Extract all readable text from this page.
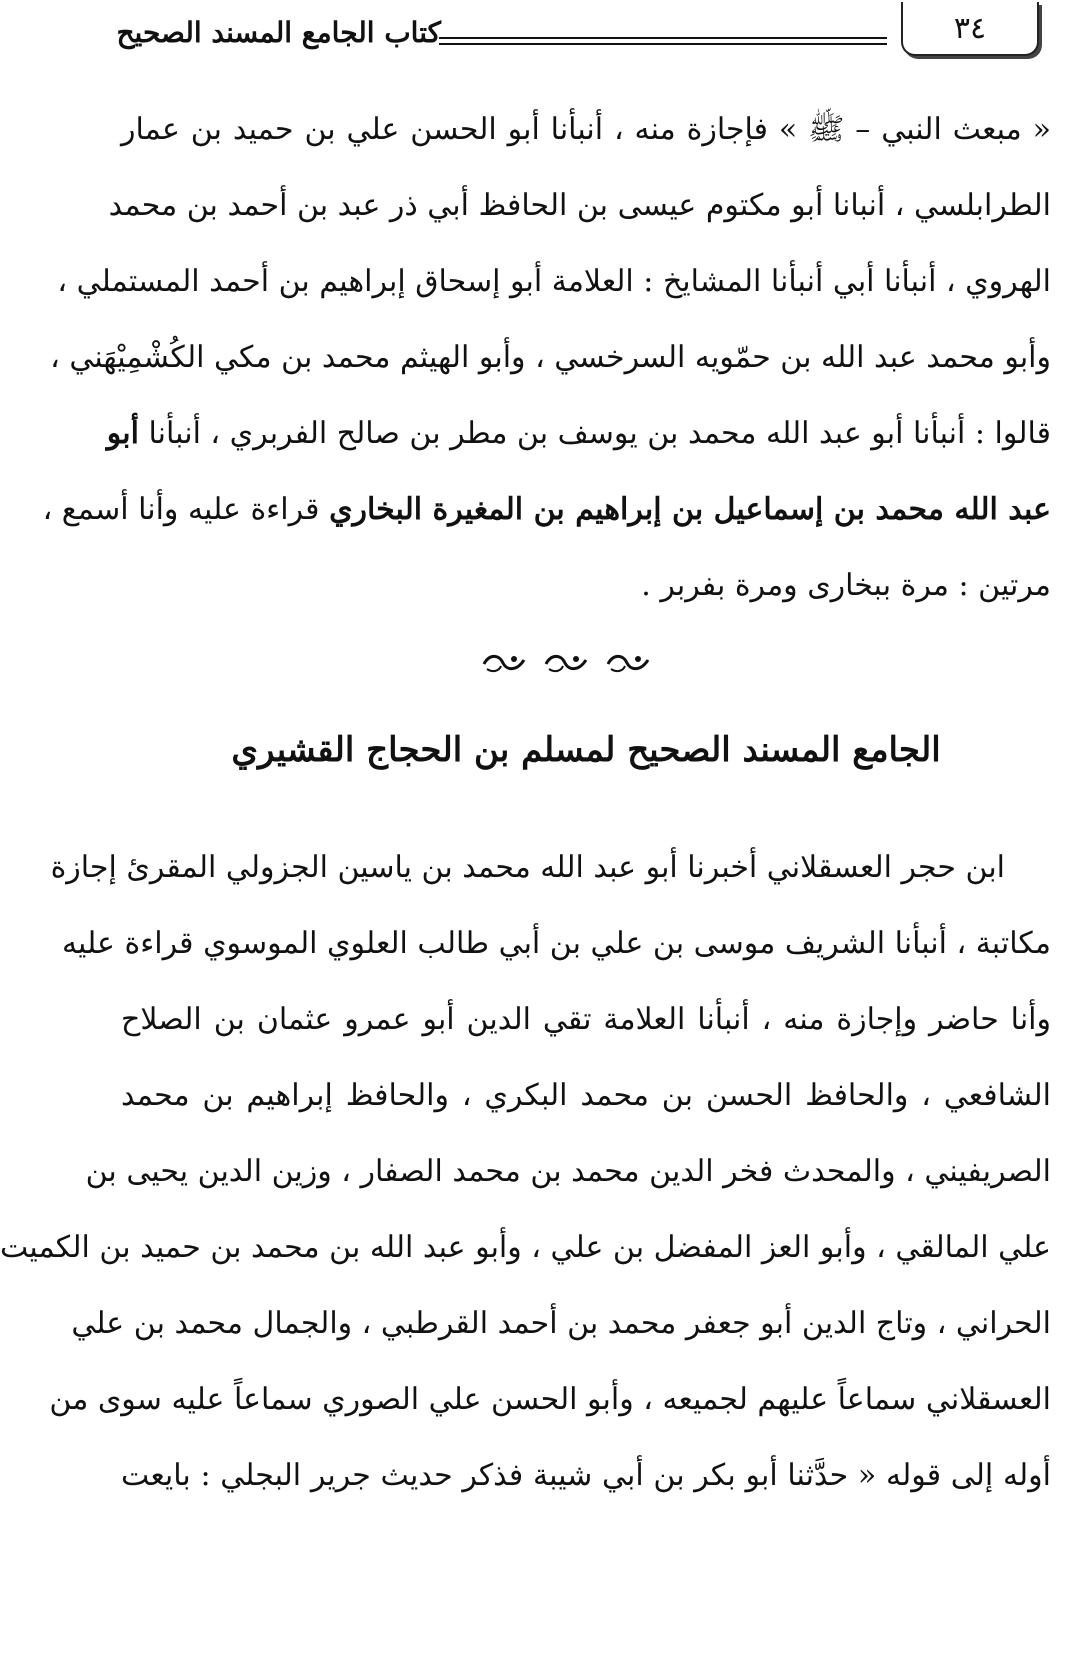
٣٤
كتاب الجامع المسند الصحيح
« مبعث النبي – ﷺ » فإجازة منه ، أنبأنا أبو الحسن علي بن حميد بن عمار
الطرابلسي ، أنبانا أبو مكتوم عيسى بن الحافظ أبي ذر عبد بن أحمد بن محمد
الهروي ، أنبأنا أبي أنبأنا المشايخ : العلامة أبو إسحاق إبراهيم بن أحمد المستملي ،
وأبو محمد عبد الله بن حمّويه السرخسي ، وأبو الهيثم محمد بن مكي الكُشْمِيْهَني ،
قالوا : أنبأنا أبو عبد الله محمد بن يوسف بن مطر بن صالح الفربري ، أنبأنا أبو
عبد الله محمد بن إسماعيل بن إبراهيم بن المغيرة البخاري قراءة عليه وأنا أسمع ،
مرتين : مرة ببخارى ومرة بفربر .
الجامع المسند الصحيح لمسلم بن الحجاج القشيري
ابن حجر العسقلاني أخبرنا أبو عبد الله محمد بن ياسين الجزولي المقرئ إجازة
مكاتبة ، أنبأنا الشريف موسى بن علي بن أبي طالب العلوي الموسوي قراءة عليه
وأنا حاضر وإجازة منه ، أنبأنا العلامة تقي الدين أبو عمرو عثمان بن الصلاح
الشافعي ، والحافظ الحسن بن محمد البكري ، والحافظ إبراهيم بن محمد
الصريفيني ، والمحدث فخر الدين محمد بن محمد الصفار ، وزين الدين يحيى بن
علي المالقي ، وأبو العز المفضل بن علي ، وأبو عبد الله بن محمد بن حميد بن الكميت
الحراني ، وتاج الدين أبو جعفر محمد بن أحمد القرطبي ، والجمال محمد بن علي
العسقلاني سماعاً عليهم لجميعه ، وأبو الحسن علي الصوري سماعاً عليه سوى من
أوله إلى قوله « حدَّثنا أبو بكر بن أبي شيبة فذكر حديث جرير البجلي : بايعت
